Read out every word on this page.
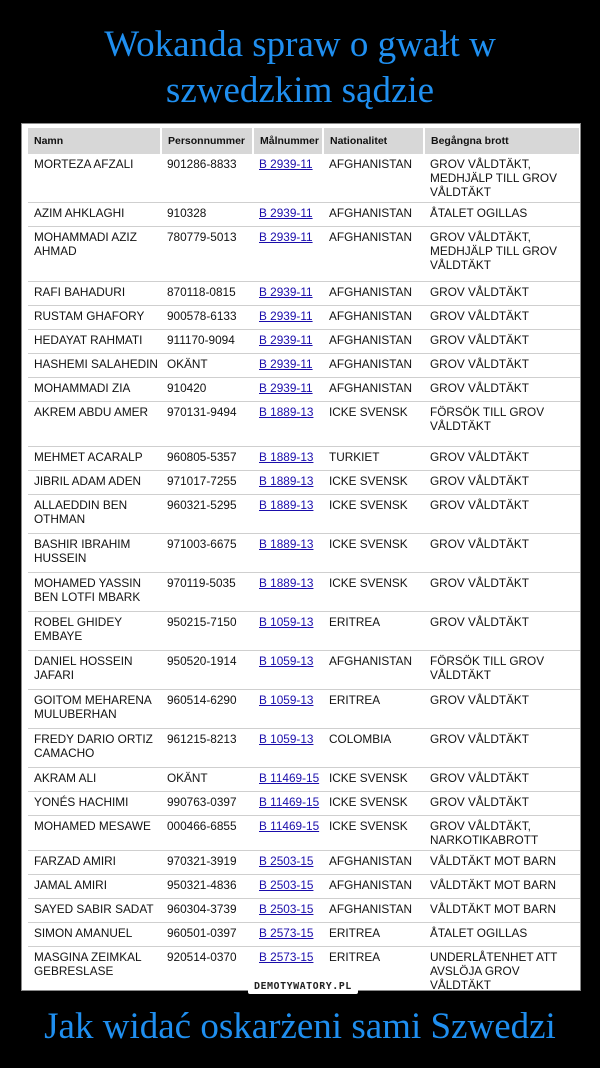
Wokanda spraw o gwałt w
szwedzkim sądzie
Namn	Personnummer	Målnummer	Nationalitet	Begångna brott
MORTEZA AFZALI	901286-8833	B 2939-11	AFGHANISTAN	GROV VÅLDTÄKT, MEDHJÄLP TILL GROV VÅLDTÄKT
AZIM AHKLAGHI	910328	B 2939-11	AFGHANISTAN	ÅTALET OGILLAS
MOHAMMADI AZIZ AHMAD	780779-5013	B 2939-11	AFGHANISTAN	GROV VÅLDTÄKT, MEDHJÄLP TILL GROV VÅLDTÄKT
RAFI BAHADURI	870118-0815	B 2939-11	AFGHANISTAN	GROV VÅLDTÄKT
RUSTAM GHAFORY	900578-6133	B 2939-11	AFGHANISTAN	GROV VÅLDTÄKT
HEDAYAT RAHMATI	911170-9094	B 2939-11	AFGHANISTAN	GROV VÅLDTÄKT
HASHEMI SALAHEDIN	OKÄNT	B 2939-11	AFGHANISTAN	GROV VÅLDTÄKT
MOHAMMADI ZIA	910420	B 2939-11	AFGHANISTAN	GROV VÅLDTÄKT
AKREM ABDU AMER	970131-9494	B 1889-13	ICKE SVENSK	FÖRSÖK TILL GROV VÅLDTÄKT
MEHMET ACARALP	960805-5357	B 1889-13	TURKIET	GROV VÅLDTÄKT
JIBRIL ADAM ADEN	971017-7255	B 1889-13	ICKE SVENSK	GROV VÅLDTÄKT
ALLAEDDIN BEN OTHMAN	960321-5295	B 1889-13	ICKE SVENSK	GROV VÅLDTÄKT
BASHIR IBRAHIM HUSSEIN	971003-6675	B 1889-13	ICKE SVENSK	GROV VÅLDTÄKT
MOHAMED YASSIN BEN LOTFI MBARK	970119-5035	B 1889-13	ICKE SVENSK	GROV VÅLDTÄKT
ROBEL GHIDEY EMBAYE	950215-7150	B 1059-13	ERITREA	GROV VÅLDTÄKT
DANIEL HOSSEIN JAFARI	950520-1914	B 1059-13	AFGHANISTAN	FÖRSÖK TILL GROV VÅLDTÄKT
GOITOM MEHARENA MULUBERHAN	960514-6290	B 1059-13	ERITREA	GROV VÅLDTÄKT
FREDY DARIO ORTIZ CAMACHO	961215-8213	B 1059-13	COLOMBIA	GROV VÅLDTÄKT
AKRAM ALI	OKÄNT	B 11469-15	ICKE SVENSK	GROV VÅLDTÄKT
YONÉS HACHIMI	990763-0397	B 11469-15	ICKE SVENSK	GROV VÅLDTÄKT
MOHAMED MESAWE	000466-6855	B 11469-15	ICKE SVENSK	GROV VÅLDTÄKT, NARKOTIKABROTT
FARZAD AMIRI	970321-3919	B 2503-15	AFGHANISTAN	VÅLDTÄKT MOT BARN
JAMAL AMIRI	950321-4836	B 2503-15	AFGHANISTAN	VÅLDTÄKT MOT BARN
SAYED SABIR SADAT	960304-3739	B 2503-15	AFGHANISTAN	VÅLDTÄKT MOT BARN
SIMON AMANUEL	960501-0397	B 2573-15	ERITREA	ÅTALET OGILLAS
MASGINA ZEIMKAL GEBRESLASE	920514-0370	B 2573-15	ERITREA	UNDERLÅTENHET ATT AVSLÖJA GROV VÅLDTÄKT
DEMOTYWATORY.PL
Jak widać oskarżeni sami Szwedzi
